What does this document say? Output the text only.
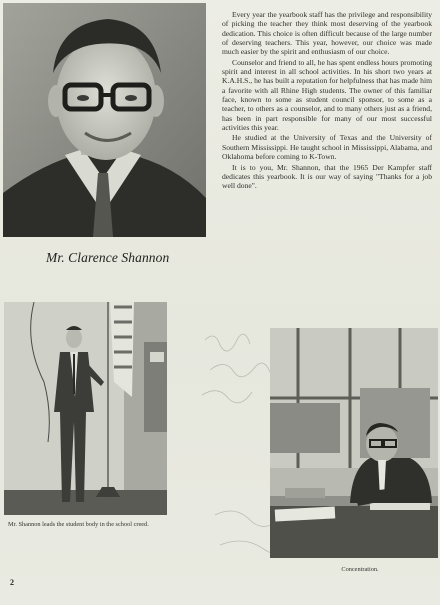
Mr. Clarence Shannon

Every year the yearbook staff has the privilege and responsibility of picking the teacher they think most deserving of the yearbook dedication. This choice is often difficult because of the large number of deserving teachers. This year, however, our choice was made much easier by the spirit and enthusiasm of our choice.

Counselor and friend to all, he has spent endless hours promoting spirit and interest in all school activities. In his short two years at K.A.H.S., he has built a reputation for helpfulness that has made him a favorite with all Rhine High students. The owner of this familiar face, known to some as student council sponsor, to some as a teacher, to others as a counselor, and to many others just as a friend, has been in part responsible for many of our most successful activities this year.

He studied at the University of Texas and the University of Southern Mississippi. He taught school in Mississippi, Alabama, and Oklahoma before coming to K-Town.

It is to you, Mr. Shannon, that the 1965 Der Kampfer staff dedicates this yearbook. It is our way of saying "Thanks for a job well done".

Mr. Shannon leads the student body in the school creed.
Concentration.
2
